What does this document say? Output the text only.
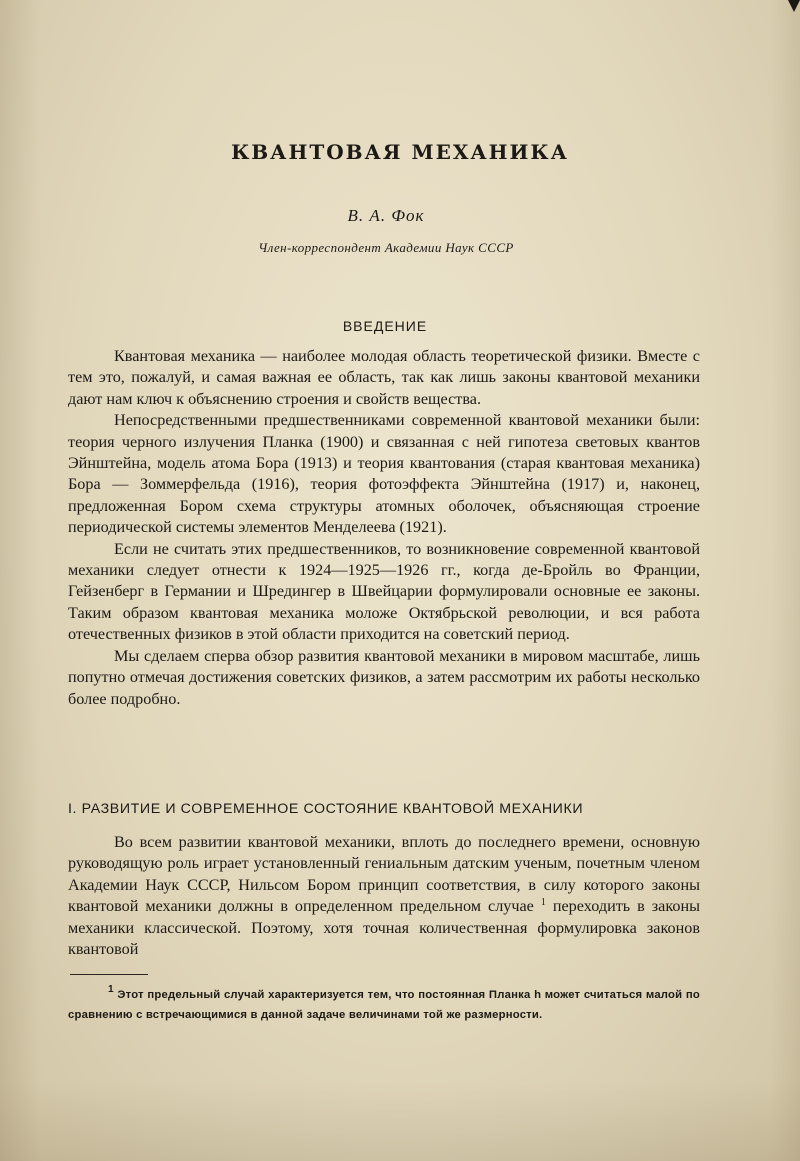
КВАНТОВАЯ МЕХАНИКА
В. А. Фок
Член-корреспондент Академии Наук СССР
ВВЕДЕНИЕ

Квантовая механика — наиболее молодая область теоретической физики. Вместе с тем это, пожалуй, и самая важная ее область, так как лишь законы квантовой механики дают нам ключ к объяснению строения и свойств вещества.

Непосредственными предшественниками современной квантовой механики были: теория черного излучения Планка (1900) и связанная с ней гипотеза световых квантов Эйнштейна, модель атома Бора (1913) и теория квантования (старая квантовая механика) Бора — Зоммерфельда (1916), теория фотоэффекта Эйнштейна (1917) и, наконец, предложенная Бором схема структуры атомных оболочек, объясняющая строение периодической системы элементов Менделеева (1921).

Если не считать этих предшественников, то возникновение современной квантовой механики следует отнести к 1924—1925—1926 гг., когда де-Бройль во Франции, Гейзенберг в Германии и Шредингер в Швейцарии формулировали основные ее законы. Таким образом квантовая механика моложе Октябрьской революции, и вся работа отечественных физиков в этой области приходится на советский период.

Мы сделаем сперва обзор развития квантовой механики в мировом масштабе, лишь попутно отмечая достижения советских физиков, а затем рассмотрим их работы несколько более подробно.

I. РАЗВИТИЕ И СОВРЕМЕННОЕ СОСТОЯНИЕ КВАНТОВОЙ МЕХАНИКИ

Во всем развитии квантовой механики, вплоть до последнего времени, основную руководящую роль играет установленный гениальным датским ученым, почетным членом Академии Наук СССР, Нильсом Бором принцип соответствия, в силу которого законы квантовой механики должны в определенном предельном случае $^1$ переходить в законы механики классической. Поэтому, хотя точная количественная формулировка законов квантовой

$^1$ Этот предельный случай характеризуется тем, что постоянная Планка h может считаться малой по сравнению с встречающимися в данной задаче величинами той же размерности.
